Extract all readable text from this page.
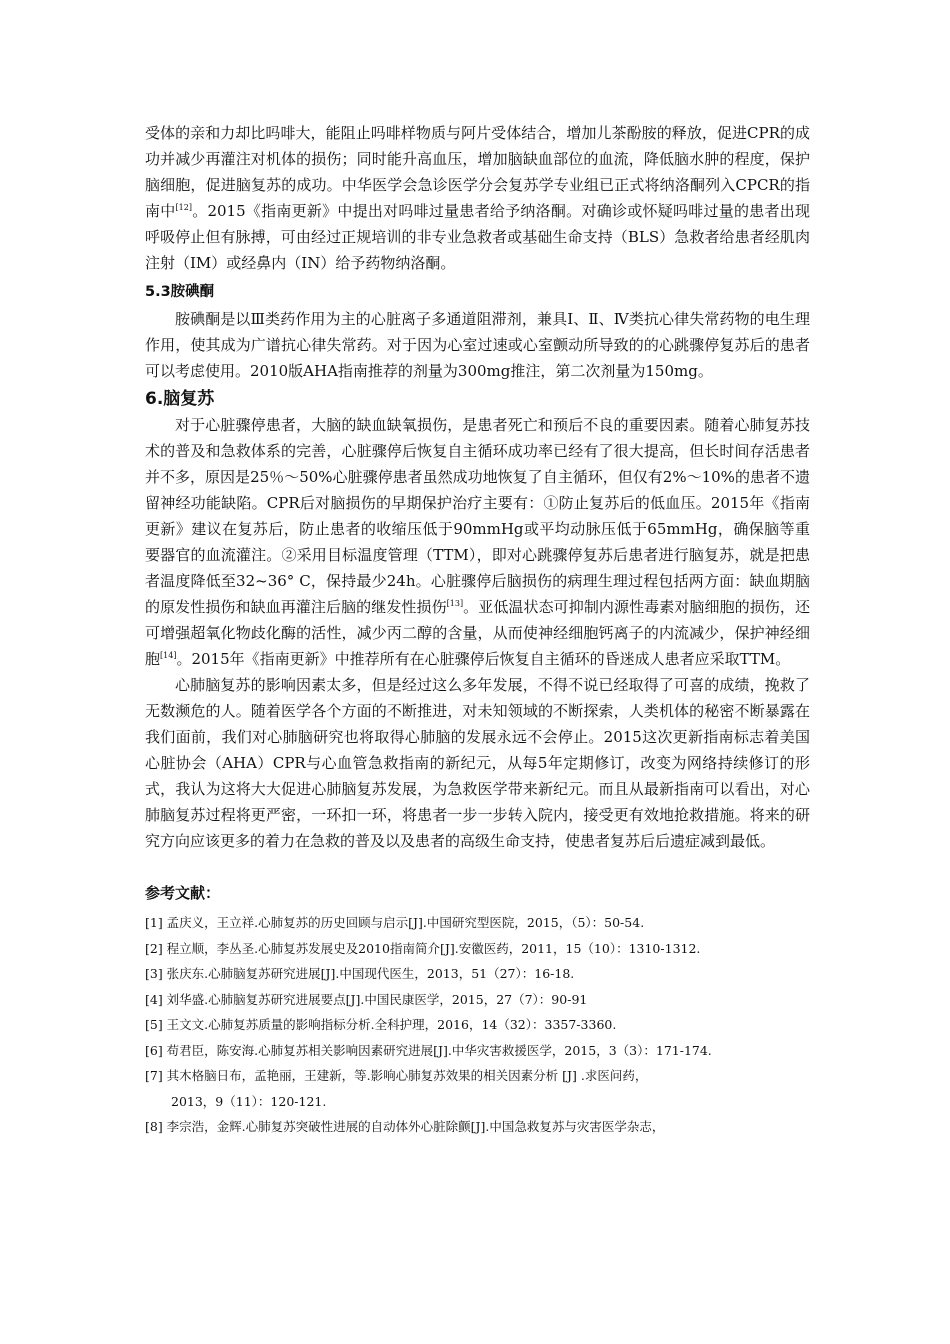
受体的亲和力却比吗啡大，能阻止吗啡样物质与阿片受体结合，增加儿茶酚胺的释放，促进CPR的成功并减少再灌注对机体的损伤；同时能升高血压，增加脑缺血部位的血流，降低脑水肿的程度，保护脑细胞，促进脑复苏的成功。中华医学会急诊医学分会复苏学专业组已正式将纳洛酮列入CPCR的指南中[12]。2015《指南更新》中提出对吗啡过量患者给予纳洛酮。对确诊或怀疑吗啡过量的患者出现呼吸停止但有脉搏，可由经过正规培训的非专业急救者或基础生命支持（BLS）急救者给患者经肌肉注射（IM）或经鼻内（IN）给予药物纳洛酮。

5.3胺碘酮

胺碘酮是以Ⅲ类药作用为主的心脏离子多通道阻滞剂，兼具Ⅰ、Ⅱ、Ⅳ类抗心律失常药物的电生理作用，使其成为广谱抗心律失常药。对于因为心室过速或心室颤动所导致的的心跳骤停复苏后的患者可以考虑使用。2010版AHA指南推荐的剂量为300mg推注，第二次剂量为150mg。

6.脑复苏

对于心脏骤停患者，大脑的缺血缺氧损伤，是患者死亡和预后不良的重要因素。随着心肺复苏技术的普及和急救体系的完善，心脏骤停后恢复自主循环成功率已经有了很大提高，但长时间存活患者并不多，原因是25％～50%心脏骤停患者虽然成功地恢复了自主循环，但仅有2%～10%的患者不遗留神经功能缺陷。CPR后对脑损伤的早期保护治疗主要有：①防止复苏后的低血压。2015年《指南更新》建议在复苏后，防止患者的收缩压低于90mmHg或平均动脉压低于65mmHg，确保脑等重要器官的血流灌注。②采用目标温度管理（TTM），即对心跳骤停复苏后患者进行脑复苏，就是把患者温度降低至32~36° C，保持最少24h。心脏骤停后脑损伤的病理生理过程包括两方面：缺血期脑的原发性损伤和缺血再灌注后脑的继发性损伤[13]。亚低温状态可抑制内源性毒素对脑细胞的损伤，还可增强超氧化物歧化酶的活性，减少丙二醇的含量，从而使神经细胞钙离子的内流减少，保护神经细胞[14]。2015年《指南更新》中推荐所有在心脏骤停后恢复自主循环的昏迷成人患者应采取TTM。

心肺脑复苏的影响因素太多，但是经过这么多年发展，不得不说已经取得了可喜的成绩，挽救了无数濒危的人。随着医学各个方面的不断推进，对未知领域的不断探索，人类机体的秘密不断暴露在我们面前，我们对心肺脑研究也将取得心肺脑的发展永远不会停止。2015这次更新指南标志着美国心脏协会（AHA）CPR与心血管急救指南的新纪元，从每5年定期修订，改变为网络持续修订的形式，我认为这将大大促进心肺脑复苏发展，为急救医学带来新纪元。而且从最新指南可以看出，对心肺脑复苏过程将更严密，一环扣一环，将患者一步一步转入院内，接受更有效地抢救措施。将来的研究方向应该更多的着力在急救的普及以及患者的高级生命支持，使患者复苏后后遗症减到最低。

参考文献：

[1] 孟庆义，王立祥.心肺复苏的历史回顾与启示[J].中国研究型医院，2015，（5）：50-54.

[2] 程立顺，李丛圣.心肺复苏发展史及2010指南简介[J].安徽医药，2011，15（10）：1310-1312.

[3] 张庆东.心肺脑复苏研究进展[J].中国现代医生，2013，51（27）：16-18.

[4] 刘华盛.心肺脑复苏研究进展要点[J].中国民康医学，2015，27（7）：90-91

[5] 王文文.心肺复苏质量的影响指标分析.全科护理，2016，14（32）：3357-3360.

[6] 苟君臣，陈安海.心肺复苏相关影响因素研究进展[J].中华灾害救援医学，2015，3（3）：171-174.

[7] 其木格脑日布，孟艳丽，王建新，等.影响心肺复苏效果的相关因素分析 [J] .求医问药，

2013，9（11）：120-121.

[8] 李宗浩，金辉.心肺复苏突破性进展的自动体外心脏除颤[J].中国急救复苏与灾害医学杂志，
